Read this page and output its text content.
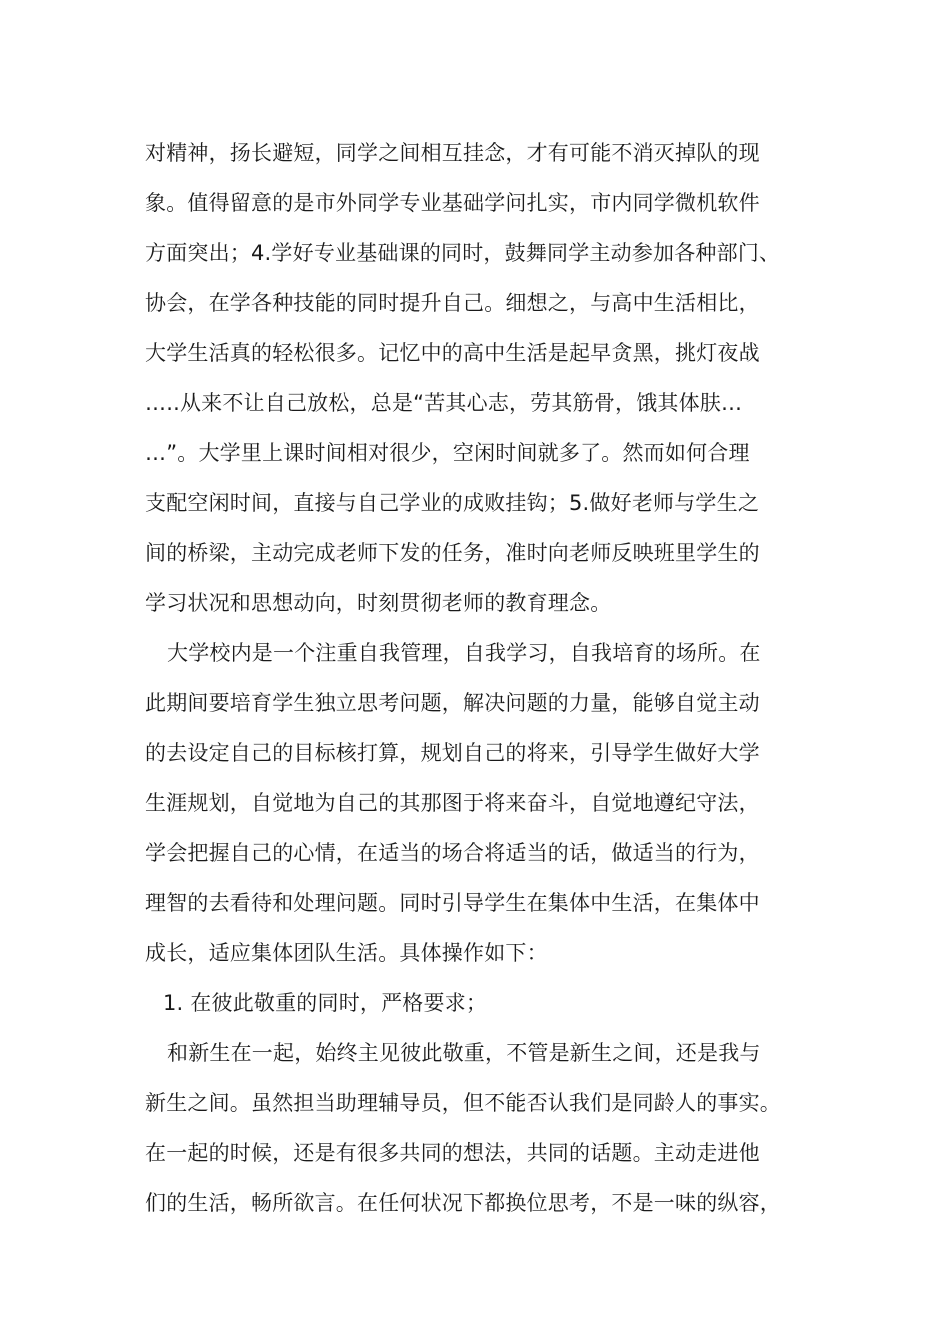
对精神，扬长避短，同学之间相互挂念，才有可能不消灭掉队的现
象。值得留意的是市外同学专业基础学问扎实，市内同学微机软件
方面突出；4.学好专业基础课的同时，鼓舞同学主动参加各种部门、
协会，在学各种技能的同时提升自己。细想之，与高中生活相比，
大学生活真的轻松很多。记忆中的高中生活是起早贪黑，挑灯夜战
…..从来不让自己放松，总是“苦其心志，劳其筋骨，饿其体肤…
…”。大学里上课时间相对很少，空闲时间就多了。然而如何合理
支配空闲时间，直接与自己学业的成败挂钩；5.做好老师与学生之
间的桥梁，主动完成老师下发的任务，准时向老师反映班里学生的
学习状况和思想动向，时刻贯彻老师的教育理念。
大学校内是一个注重自我管理，自我学习，自我培育的场所。在
此期间要培育学生独立思考问题，解决问题的力量，能够自觉主动
的去设定自己的目标核打算，规划自己的将来，引导学生做好大学
生涯规划，自觉地为自己的其那图于将来奋斗，自觉地遵纪守法，
学会把握自己的心情，在适当的场合将适当的话，做适当的行为，
理智的去看待和处理问题。同时引导学生在集体中生活，在集体中
成长，适应集体团队生活。具体操作如下：
1. 在彼此敬重的同时，严格要求；
和新生在一起，始终主见彼此敬重，不管是新生之间，还是我与
新生之间。虽然担当助理辅导员，但不能否认我们是同龄人的事实。
在一起的时候，还是有很多共同的想法，共同的话题。主动走进他
们的生活，畅所欲言。在任何状况下都换位思考，不是一味的纵容，
